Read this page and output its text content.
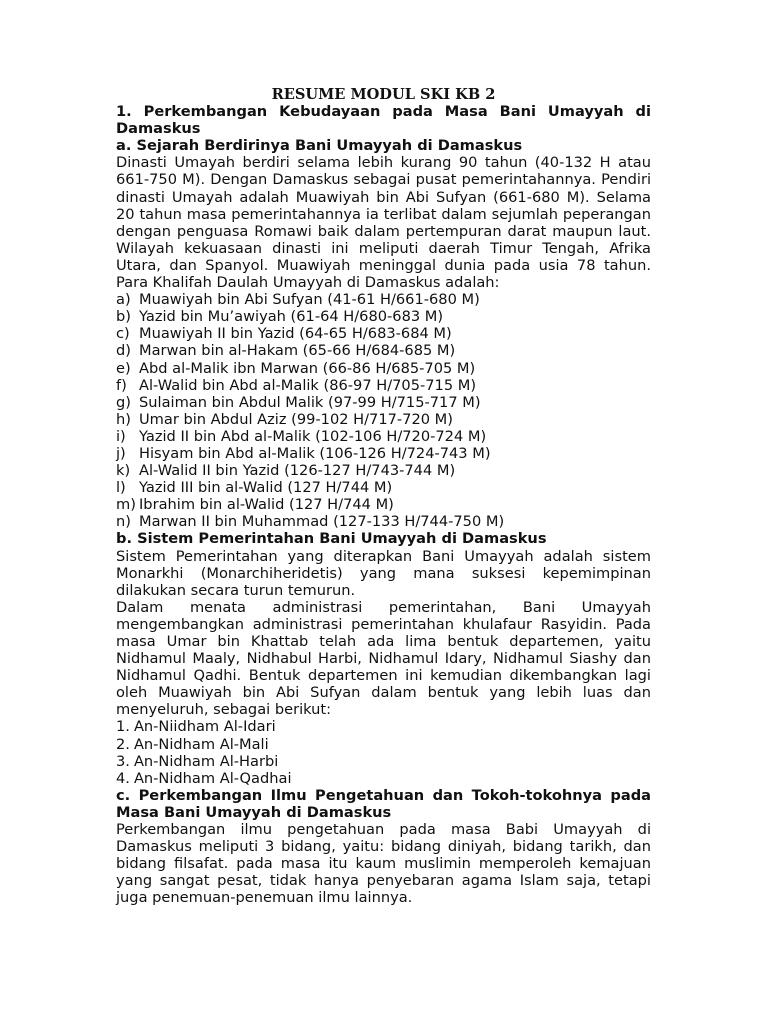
RESUME MODUL SKI KB 2
1. Perkembangan Kebudayaan pada Masa Bani Umayyah di Damaskus
a. Sejarah Berdirinya Bani Umayyah di Damaskus

Dinasti Umayah berdiri selama lebih kurang 90 tahun (40-132 H atau 661-750 M). Dengan Damaskus sebagai pusat pemerintahannya. Pendiri dinasti Umayah adalah Muawiyah bin Abi Sufyan (661-680 M). Selama 20 tahun masa pemerintahannya ia terlibat dalam sejumlah peperangan dengan penguasa Romawi baik dalam pertempuran darat maupun laut. Wilayah kekuasaan dinasti ini meliputi daerah Timur Tengah, Afrika Utara, dan Spanyol. Muawiyah meninggal dunia pada usia 78 tahun. Para Khalifah Daulah Umayyah di Damaskus adalah:

a) Muawiyah bin Abi Sufyan (41-61 H/661-680 M)
b) Yazid bin Mu’awiyah (61-64 H/680-683 M)
c) Muawiyah II bin Yazid (64-65 H/683-684 M)
d) Marwan bin al-Hakam (65-66 H/684-685 M)
e) Abd al-Malik ibn Marwan (66-86 H/685-705 M)
f) Al-Walid bin Abd al-Malik (86-97 H/705-715 M)
g) Sulaiman bin Abdul Malik (97-99 H/715-717 M)
h) Umar bin Abdul Aziz (99-102 H/717-720 M)
i) Yazid II bin Abd al-Malik (102-106 H/720-724 M)
j) Hisyam bin Abd al-Malik (106-126 H/724-743 M)
k) Al-Walid II bin Yazid (126-127 H/743-744 M)
l) Yazid III bin al-Walid (127 H/744 M)
m) Ibrahim bin al-Walid (127 H/744 M)
n) Marwan II bin Muhammad (127-133 H/744-750 M)
b. Sistem Pemerintahan Bani Umayyah di Damaskus

Sistem Pemerintahan yang diterapkan Bani Umayyah adalah sistem Monarkhi (Monarchiheridetis) yang mana suksesi kepemimpinan dilakukan secara turun temurun.

Dalam menata administrasi pemerintahan, Bani Umayyah mengembangkan administrasi pemerintahan khulafaur Rasyidin. Pada masa Umar bin Khattab telah ada lima bentuk departemen, yaitu Nidhamul Maaly, Nidhabul Harbi, Nidhamul Idary, Nidhamul Siashy dan Nidhamul Qadhi. Bentuk departemen ini kemudian dikembangkan lagi oleh Muawiyah bin Abi Sufyan dalam bentuk yang lebih luas dan menyeluruh, sebagai berikut:

1. An-Niidham Al-Idari
2. An-Nidham Al-Mali
3. An-Nidham Al-Harbi
4. An-Nidham Al-Qadhai
c. Perkembangan Ilmu Pengetahuan dan Tokoh-tokohnya pada Masa Bani Umayyah di Damaskus

Perkembangan ilmu pengetahuan pada masa Babi Umayyah di Damaskus meliputi 3 bidang, yaitu: bidang diniyah, bidang tarikh, dan bidang filsafat. pada masa itu kaum muslimin memperoleh kemajuan yang sangat pesat, tidak hanya penyebaran agama Islam saja, tetapi juga penemuan-penemuan ilmu lainnya.
